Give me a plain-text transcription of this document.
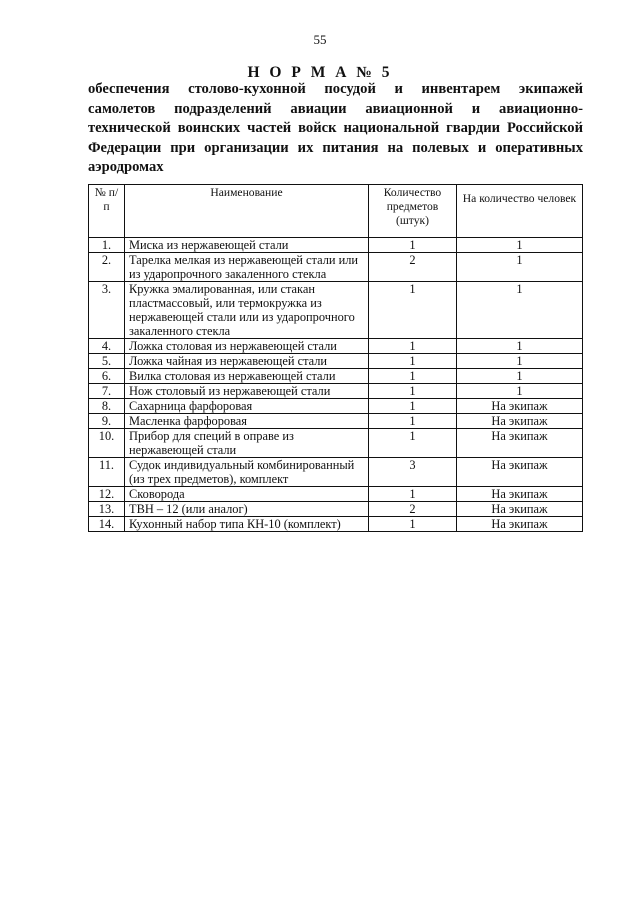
55
Н О Р М А № 5
обеспечения столово-кухонной посудой и инвентарем экипажей
самолетов подразделений авиации авиационной и авиационно-
технической воинских частей войск национальной гвардии Российской
Федерации при организации их питания на полевых и оперативных
аэродромах
№ п/п	Наименование	Количество предметов (штук)	На количество человек
1.	Миска из нержавеющей стали	1	1
2.	Тарелка мелкая из нержавеющей стали или из ударопрочного закаленного стекла	2	1
3.	Кружка эмалированная, или стакан пластмассовый, или термокружка из нержавеющей стали или из ударопрочного закаленного стекла	1	1
4.	Ложка столовая из нержавеющей стали	1	1
5.	Ложка чайная из нержавеющей стали	1	1
6.	Вилка столовая из нержавеющей стали	1	1
7.	Нож столовый из нержавеющей стали	1	1
8.	Сахарница фарфоровая	1	На экипаж
9.	Масленка фарфоровая	1	На экипаж
10.	Прибор для специй в оправе из нержавеющей стали	1	На экипаж
11.	Судок индивидуальный комбинированный (из трех предметов), комплект	3	На экипаж
12.	Сковорода	1	На экипаж
13.	ТВН – 12 (или аналог)	2	На экипаж
14.	Кухонный набор типа КН-10 (комплект)	1	На экипаж
